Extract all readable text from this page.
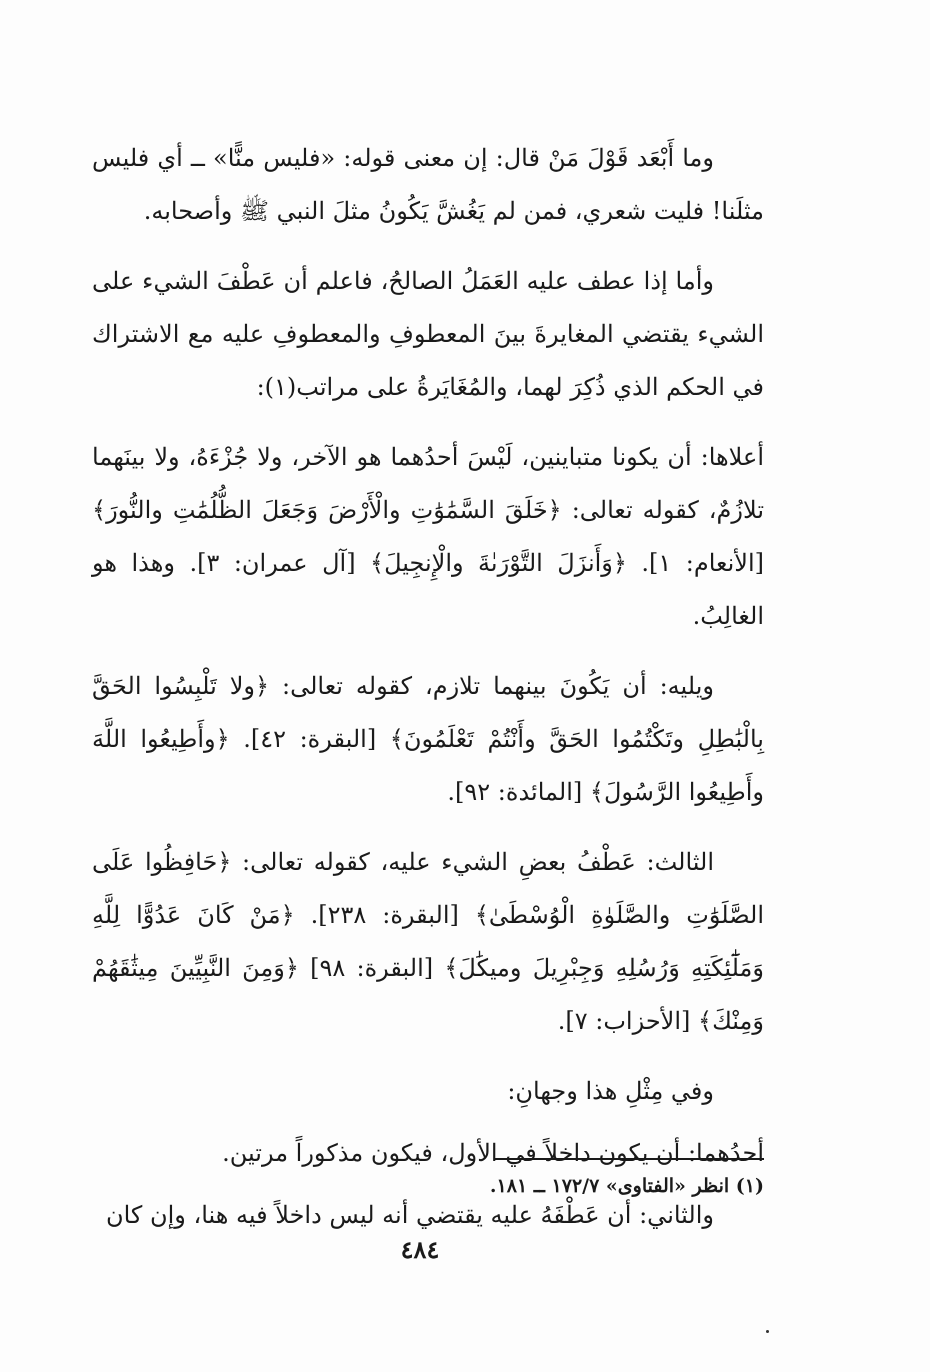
وما أَبْعَد قَوْلَ مَنْ قال: إن معنى قوله: «فليس منًّا» ــ أي فليس مثلَنا! فليت شعري، فمن لم يَغُشَّ يَكُونُ مثلَ النبي ﷺ وأصحابه.

وأما إذا عطف عليه العَمَلُ الصالحُ، فاعلم أن عَطْفَ الشيء على الشيء يقتضي المغايرةَ بينَ المعطوفِ والمعطوفِ عليه مع الاشتراك في الحكم الذي ذُكِرَ لهما، والمُغَايَرةُ على مراتب(١):

أعلاها: أن يكونا متباينين، لَيْسَ أحدُهما هو الآخر، ولا جُزْءَهُ، ولا بينَهما تلازُمٌ، كقوله تعالى: ﴿خَلَقَ السَّمَٰوَٰتِ والْأَرْضَ وَجَعَلَ الظُّلُمَٰتِ والنُّورَ﴾ [الأنعام: ١]. ﴿وَأَنزَلَ التَّوْرَىٰةَ والْإِنجِيلَ﴾ [آل عمران: ٣]. وهذا هو الغالِبُ.

ويليه: أن يَكُونَ بينهما تلازم، كقوله تعالى: ﴿ولا تَلْبِسُوا الحَقَّ بِالْبَٰطِلِ وتَكْتُمُوا الحَقَّ وأَنْتُمْ تَعْلَمُونَ﴾ [البقرة: ٤٢]. ﴿وأَطِيعُوا اللَّهَ وأَطِيعُوا الرَّسُولَ﴾ [المائدة: ٩٢].

الثالث: عَطْفُ بعضِ الشيء عليه، كقوله تعالى: ﴿حَافِظُوا عَلَى الصَّلَوَٰتِ والصَّلَوٰةِ الْوُسْطَىٰ﴾ [البقرة: ٢٣٨]. ﴿مَنْ كَانَ عَدُوًّا لِلَّهِ وَمَلَٰٓئِكَتِهِ وَرُسُلِهِ وَجِبْرِيلَ وميكَٰلَ﴾ [البقرة: ٩٨] ﴿وَمِنَ النَّبِيِّينَ مِيثَٰقَهُمْ وَمِنْكَ﴾ [الأحزاب: ٧].

وفي مِثْلِ هذا وجهانِ:

أحدُهما: أن يكون داخلاً في الأول، فيكون مذكوراً مرتين.

والثاني: أن عَطْفَهُ عليه يقتضي أنه ليس داخلاً فيه هنا، وإن كان

(١) انظر «الفتاوى» ١٧٢/٧ ــ ١٨١.
٤٨٤
